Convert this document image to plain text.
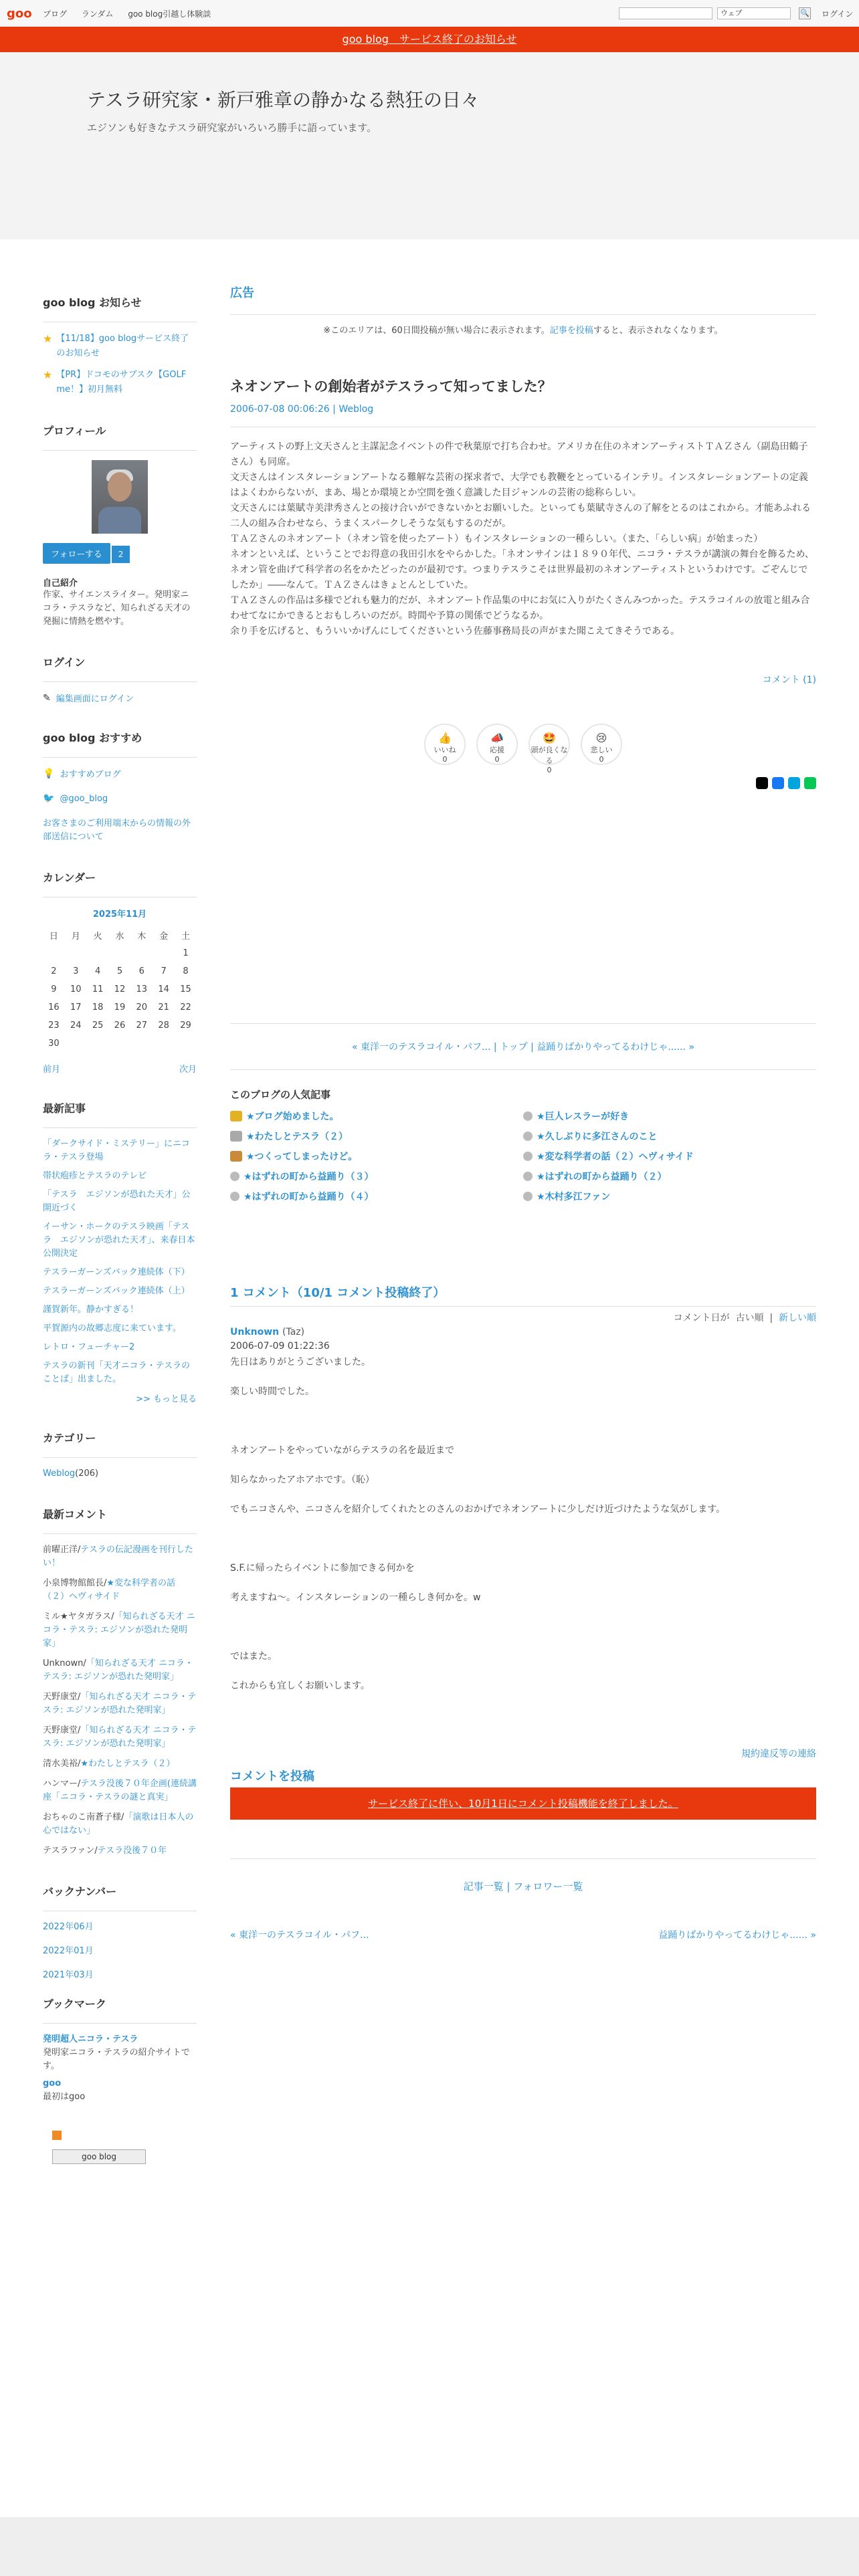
goo ブログ ランダム goo blog引越し体験談	ウェブ	🔍 ログイン
goo blog　サービス終了のお知らせ
テスラ研究家・新戸雅章の静かなる熱狂の日々
エジソンも好きなテスラ研究家がいろいろ勝手に語っています。
goo blog お知らせ
★ 【11/18】goo blogサービス終了のお知らせ
★ 【PR】ドコモのサブスク【GOLF me！】初月無料
プロフィール
フォローする 2
自己紹介
作家、サイエンスライター。発明家ニコラ・テスラなど、知られざる天才の発掘に情熱を燃やす。
ログイン
✎ 編集画面にログイン
goo blog おすすめ
💡 おすすめブログ
🐦 @goo_blog
お客さまのご利用端末からの情報の外部送信について
カレンダー
2025年11月
日	月	火	水	木	金	土
						1
2	3	4	5	6	7	8
9	10	11	12	13	14	15
16	17	18	19	20	21	22
23	24	25	26	27	28	29
30						
前月	次月
最新記事
「ダークサイド・ミステリー」にニコラ・テスラ登場
帯状疱疹とテスラのテレビ
「テスラ　エジソンが恐れた天才」公開近づく
イーサン・ホークのテスラ映画「テスラ　エジソンが恐れた天才」、来春日本公開決定
テスラーガーンズバック連続体（下）
テスラーガーンズバック連続体（上）
謹賀新年。静かすぎる！
平賀源内の故郷志度に来ています。
レトロ・フューチャー2
テスラの新刊「天才ニコラ・テスラのことば」出ました。
>> もっと見る
カテゴリー
Weblog(206)
最新コメント
前曜正洋/テスラの伝記漫画を刊行したい！
小泉博物館館長/★変な科学者の話（２）ヘヴィサイド
ミル★ヤタガラス/「知られざる天才 ニコラ・テスラ: エジソンが恐れた発明家」
Unknown/「知られざる天才 ニコラ・テスラ: エジソンが恐れた発明家」
天野康堂/「知られざる天才 ニコラ・テスラ: エジソンが恐れた発明家」
天野康堂/「知られざる天才 ニコラ・テスラ: エジソンが恐れた発明家」
清水美裕/★わたしとテスラ（２）
ハンマー/テスラ没後７０年企画(連続講座「ニコラ・テスラの謎と真実」
おちゃのこ南蒼子様/「演歌は日本人の心ではない」
テスラファン/テスラ没後７０年
バックナンバー
2022年06月
2022年01月
2021年03月
ブックマーク
発明超人ニコラ・テスラ
発明家ニコラ・テスラの紹介サイトです。
goo
最初はgoo
goo blog
広告
※このエリアは、60日間投稿が無い場合に表示されます。記事を投稿すると、表示されなくなります。
ネオンアートの創始者がテスラって知ってました？
2006-07-08 00:06:26 | Weblog

アーティストの野上文天さんと主謀記念イベントの件で秋葉原で打ち合わせ。アメリカ在住のネオンアーティストＴＡＺさん（副島田鶴子さん）も同席。

文天さんはインスタレーションアートなる難解な芸術の探求者で、大学でも教鞭をとっているインテリ。インスタレーションアートの定義はよくわからないが、まあ、場とか環境とか空間を強く意識した目ジャンルの芸術の総称らしい。

文天さんには葉賦寺美津秀さんとの接け合いができないかとお願いした。といっても葉賦寺さんの了解をとるのはこれから。才能あふれる二人の組み合わせなら、うまくスパークしそうな気もするのだが。

ＴＡＺさんのネオンアート（ネオン管を使ったアート）もインスタレーションの一種らしい。（また、「らしい病」が始まった）

ネオンといえば、ということでお得意の我田引水をやらかした。「ネオンサインは１８９０年代、ニコラ・テスラが講演の舞台を飾るため、ネオン管を曲げて科学者の名をかたどったのが最初です。つまりテスラこそは世界最初のネオンアーティストというわけです。ごぞんじでしたか」――なんて。ＴＡＺさんはきょとんとしていた。

ＴＡＺさんの作品は多様でどれも魅力的だが、ネオンアート作品集の中にお気に入りがたくさんみつかった。テスラコイルの放電と組み合わせてなにかできるとおもしろいのだが。時間や予算の関係でどうなるか。

余り手を広げると、もういいかげんにしてくださいという佐藤事務局長の声がまた聞こえてきそうである。

コメント (1)
👍
いいね
0
📣
応援
0
🤩
頭が良くなる
0
😢
悲しい
0
« 東洋一のテスラコイル・パフ... | トップ | 益踊りばかりやってるわけじゃ...... »
このブログの人気記事
★ブログ始めました。	★巨人レスラーが好き
★わたしとテスラ（２）	★久しぶりに多江さんのこと
★つくってしまったけど。	★変な科学者の話（２）ヘヴィサイド
★はずれの町から益踊り（３）	★はずれの町から益踊り（２）
★はずれの町から益踊り（４）	★木村多江ファン
1 コメント（10/1 コメント投稿終了）
コメント日が 古い順  |  新しい順
Unknown (Taz)
2006-07-09 01:22:36
先日はありがとうございました。
楽しい時間でした。
ネオンアートをやっていながらテスラの名を最近まで
知らなかったアホアホです。（恥）
でもニコさんや、ニコさんを紹介してくれたとのさんのおかげでネオンアートに少しだけ近づけたような気がします。
S.F.に帰ったらイベントに参加できる何かを
考えますね〜。インスタレーションの一種らしき何かを。w
ではまた。
これからも宜しくお願いします。
規約違反等の連絡
コメントを投稿
サービス終了に伴い、10月1日にコメント投稿機能を終了しました。
記事一覧 | フォロワー一覧
« 東洋一のテスラコイル・パフ...	益踊りばかりやってるわけじゃ...... »
